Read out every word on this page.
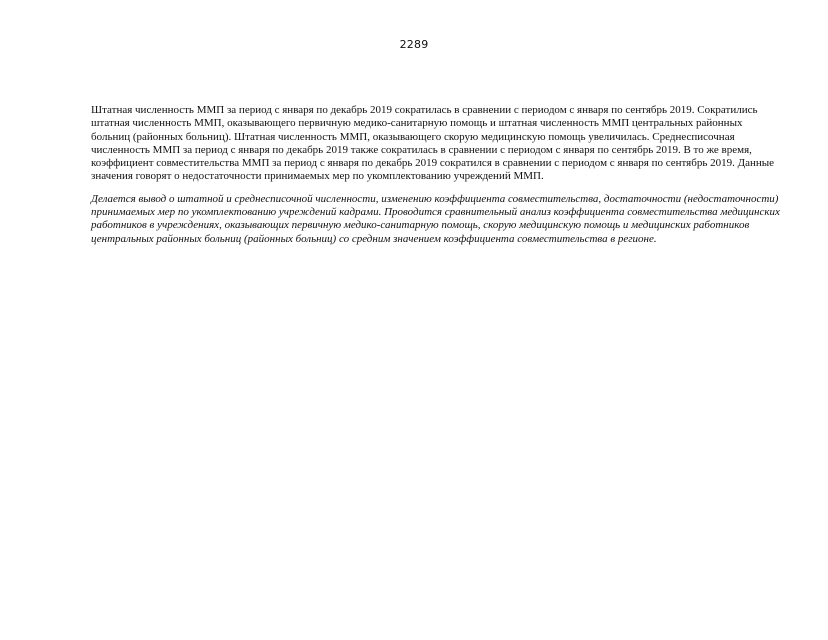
2289

Штатная численность ММП за период с января по декабрь 2019 сократилась в сравнении с периодом с января по сентябрь 2019. Сократились штатная численность ММП, оказывающего первичную медико-санитарную помощь и штатная численность ММП центральных районных больниц (районных больниц). Штатная численность ММП, оказывающего скорую медицинскую помощь увеличилась. Среднесписочная численность ММП за период с января по декабрь 2019 также сократилась в сравнении с периодом с января по сентябрь 2019. В то же время, коэффициент совместительства ММП за период с января по декабрь 2019 сократился в сравнении с периодом с января по сентябрь 2019. Данные значения говорят о недостаточности принимаемых мер по укомплектованию учреждений ММП.

Делается вывод о штатной и среднесписочной численности, изменению коэффициента совместительства, достаточности (недостаточности) принимаемых мер по укомплектованию учреждений кадрами. Проводится сравнительный анализ коэффициента совместительства медицинских работников в учреждениях, оказывающих первичную медико-санитарную помощь, скорую медицинскую помощь и медицинских работников центральных районных больниц (районных больниц) со средним значением коэффициента совместительства в регионе.
